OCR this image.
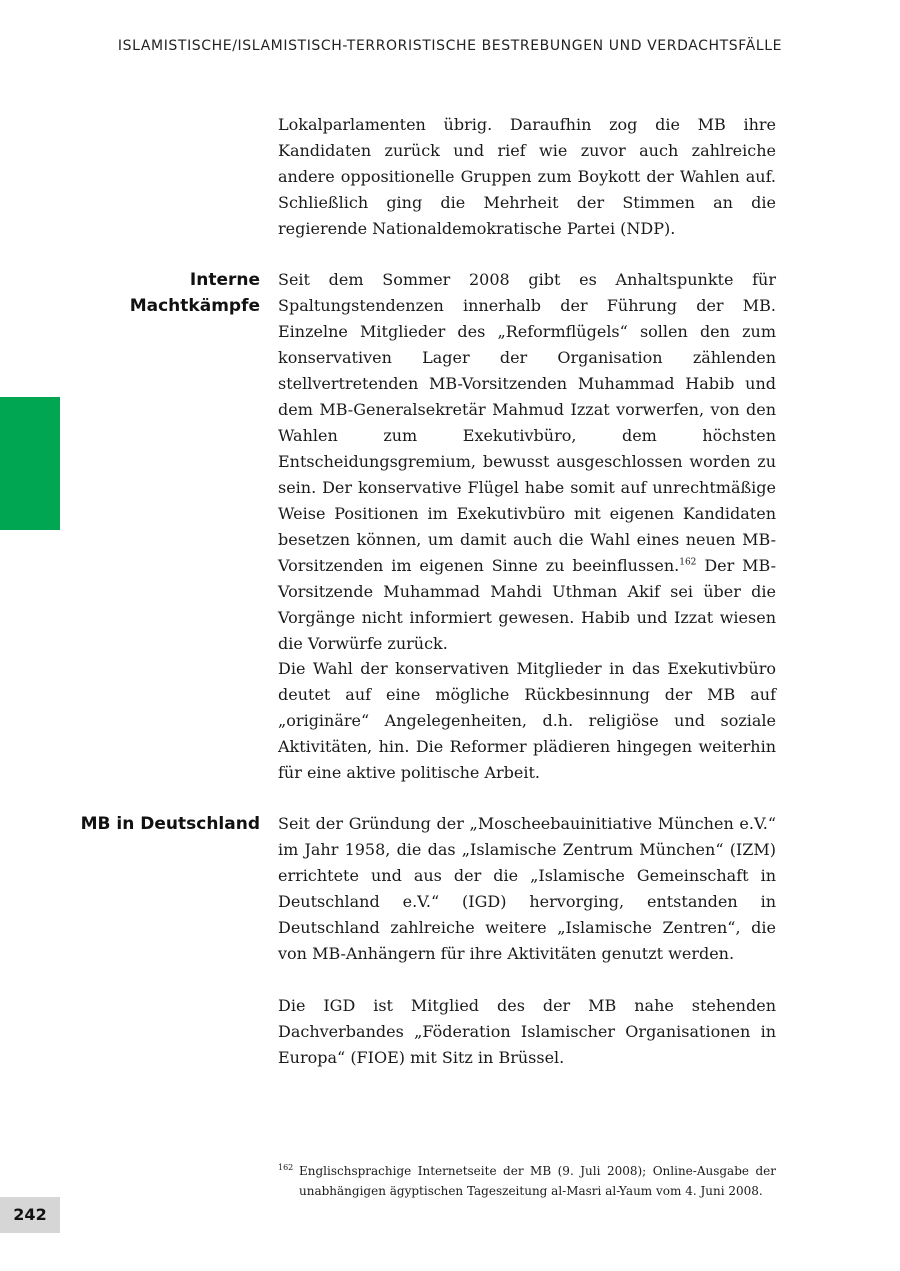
ISLAMISTISCHE/ISLAMISTISCH-TERRORISTISCHE BESTREBUNGEN UND VERDACHTSFÄLLE

Lokalparlamenten übrig. Daraufhin zog die MB ihre Kandidaten zurück und rief wie zuvor auch zahlreiche andere oppositionelle Gruppen zum Boykott der Wahlen auf. Schließlich ging die Mehrheit der Stimmen an die regierende Nationaldemokratische Partei (NDP).

Interne
Machtkämpfe

Seit dem Sommer 2008 gibt es Anhaltspunkte für Spaltungstendenzen innerhalb der Führung der MB. Einzelne Mitglieder des „Reformflügels“ sollen den zum konservativen Lager der Organisation zählenden stellvertretenden MB-Vorsitzenden Muhammad Habib und dem MB-Generalsekretär Mahmud Izzat vorwerfen, von den Wahlen zum Exekutivbüro, dem höchsten Entscheidungsgremium, bewusst ausgeschlossen worden zu sein. Der konservative Flügel habe somit auf unrechtmäßige Weise Positionen im Exekutivbüro mit eigenen Kandidaten besetzen können, um damit auch die Wahl eines neuen MB-Vorsitzenden im eigenen Sinne zu beeinflussen.$^{162}$ Der MB-Vorsitzende Muhammad Mahdi Uthman Akif sei über die Vorgänge nicht informiert gewesen. Habib und Izzat wiesen die Vorwürfe zurück.

Die Wahl der konservativen Mitglieder in das Exekutivbüro deutet auf eine mögliche Rückbesinnung der MB auf „originäre“ Angelegenheiten, d.h. religiöse und soziale Aktivitäten, hin. Die Reformer plädieren hingegen weiterhin für eine aktive politische Arbeit.

MB in Deutschland Seit der Gründung der „Moscheebauinitiative München e.V.“ im Jahr 1958, die das „Islamische Zentrum München“ (IZM) errichtete und aus der die „Islamische Gemeinschaft in Deutschland e.V.“ (IGD) hervorging, entstanden in Deutschland zahlreiche weitere „Islamische Zentren“, die von MB-Anhängern für ihre Aktivitäten genutzt werden.

Die IGD ist Mitglied des der MB nahe stehenden Dachverbandes „Föderation Islamischer Organisationen in Europa“ (FIOE) mit Sitz in Brüssel.

162 Englischsprachige Internetseite der MB (9. Juli 2008); Online-Ausgabe der unabhängigen ägyptischen Tageszeitung al-Masri al-Yaum vom 4. Juni 2008.
242
